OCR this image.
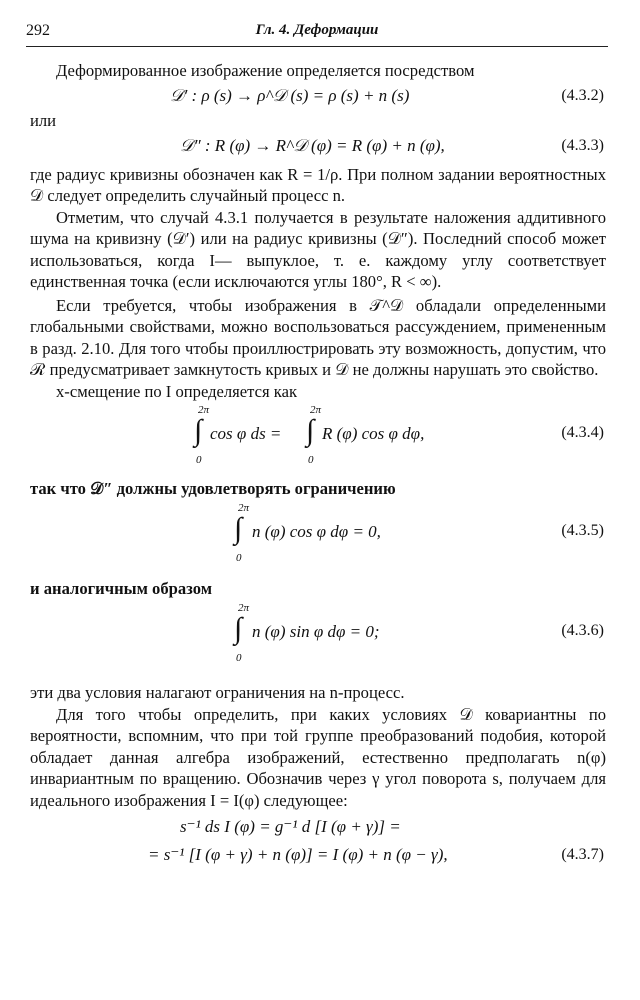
292	Гл. 4. Деформации

Деформированное изображение определяется посредством

𝒟′ : ρ (s) → ρ^𝒟 (s) = ρ (s) + n (s)	(4.3.2)

или

𝒟″ : R (φ) → R^𝒟 (φ) = R (φ) + n (φ),	(4.3.3)

где радиус кривизны обозначен как R = 1/ρ. При полном задании вероятностных 𝒟 следует определить случайный процесс n.

Отметим, что случай 4.3.1 получается в результате наложения аддитивного шума на кривизну (𝒟′) или на радиус кривизны (𝒟″). Последний способ может использоваться, когда I— выпуклое, т. е. каждому углу соответствует единственная точка (если исключаются углы 180°, R < ∞).

Если требуется, чтобы изображения в 𝒯^𝒟 обладали определенными глобальными свойствами, можно воспользоваться рассуждением, примененным в разд. 2.10. Для того чтобы проиллюстрировать эту возможность, допустим, что ℛ предусматривает замкнутость кривых и 𝒟 не должны нарушать это свойство.

x-смещение по I определяется как

2π
∫
0
cos φ ds =
2π
∫
0
R (φ) cos φ dφ,	(4.3.4)

так что 𝒟″ должны удовлетворять ограничению

2π
∫
0
n (φ) cos φ dφ = 0,	(4.3.5)

и аналогичным образом

2π
∫
0
n (φ) sin φ dφ = 0;	(4.3.6)

эти два условия налагают ограничения на n-процесс.

Для того чтобы определить, при каких условиях 𝒟 ковариантны по вероятности, вспомним, что при той группе преобразований подобия, которой обладает данная алгебра изображений, естественно предполагать n(φ) инвариантным по вращению. Обозначив через γ угол поворота s, получаем для идеального изображения I = I(φ) следующее:

s⁻¹ ds I (φ) = g⁻¹ d [I (φ + γ)] =
= s⁻¹ [I (φ + γ) + n (φ)] = I (φ) + n (φ − γ),	(4.3.7)
